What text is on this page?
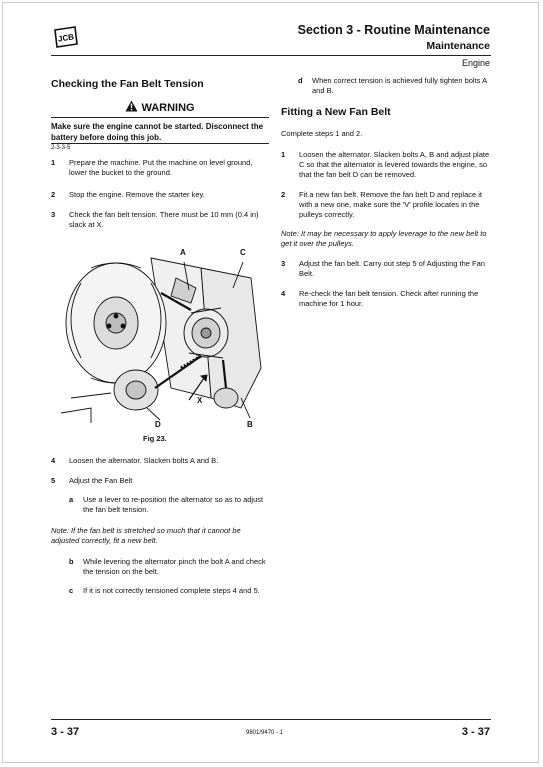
JCB
Section 3 - Routine Maintenance
Maintenance
Engine
Checking the Fan Belt Tension
WARNING
Make sure the engine cannot be started. Disconnect the battery before doing this job.
2-3-3-5
1 Prepare the machine. Put the machine on level ground, lower the bucket to the ground.
2 Stop the engine. Remove the starter key.
3 Check the fan belt tension. There must be 10 mm (0.4 in) slack at X.
A	C
D	B
X
Fig 23.
4 Loosen the alternator. Slacken bolts A and B.
5 Adjust the Fan Belt
a Use a lever to re-position the alternator so as to adjust the fan belt tension.
Note: If the fan belt is stretched so much that it cannot be adjusted correctly, fit a new belt.
b While levering the alternator pinch the bolt A and check the tension on the belt.
c If it is not correctly tensioned complete steps 4 and 5.
d When correct tension is achieved fully tighten bolts A and B.
Fitting a New Fan Belt
Complete steps 1 and 2.
1 Loosen the alternator. Slacken bolts A, B and adjust plate C so that the alternator is levered towards the engine, so that the fan belt D can be removed.
2 Fit a new fan belt. Remove the fan belt D and replace it with a new one, make sure the 'V' profile locates in the pulleys correctly.
Note: It may be necessary to apply leverage to the new belt to get it over the pulleys.
3 Adjust the fan belt. Carry out step 5 of Adjusting the Fan Belt.
4 Re-check the fan belt tension. Check after running the machine for 1 hour.
3 - 37	9801/9470 - 1	3 - 37
